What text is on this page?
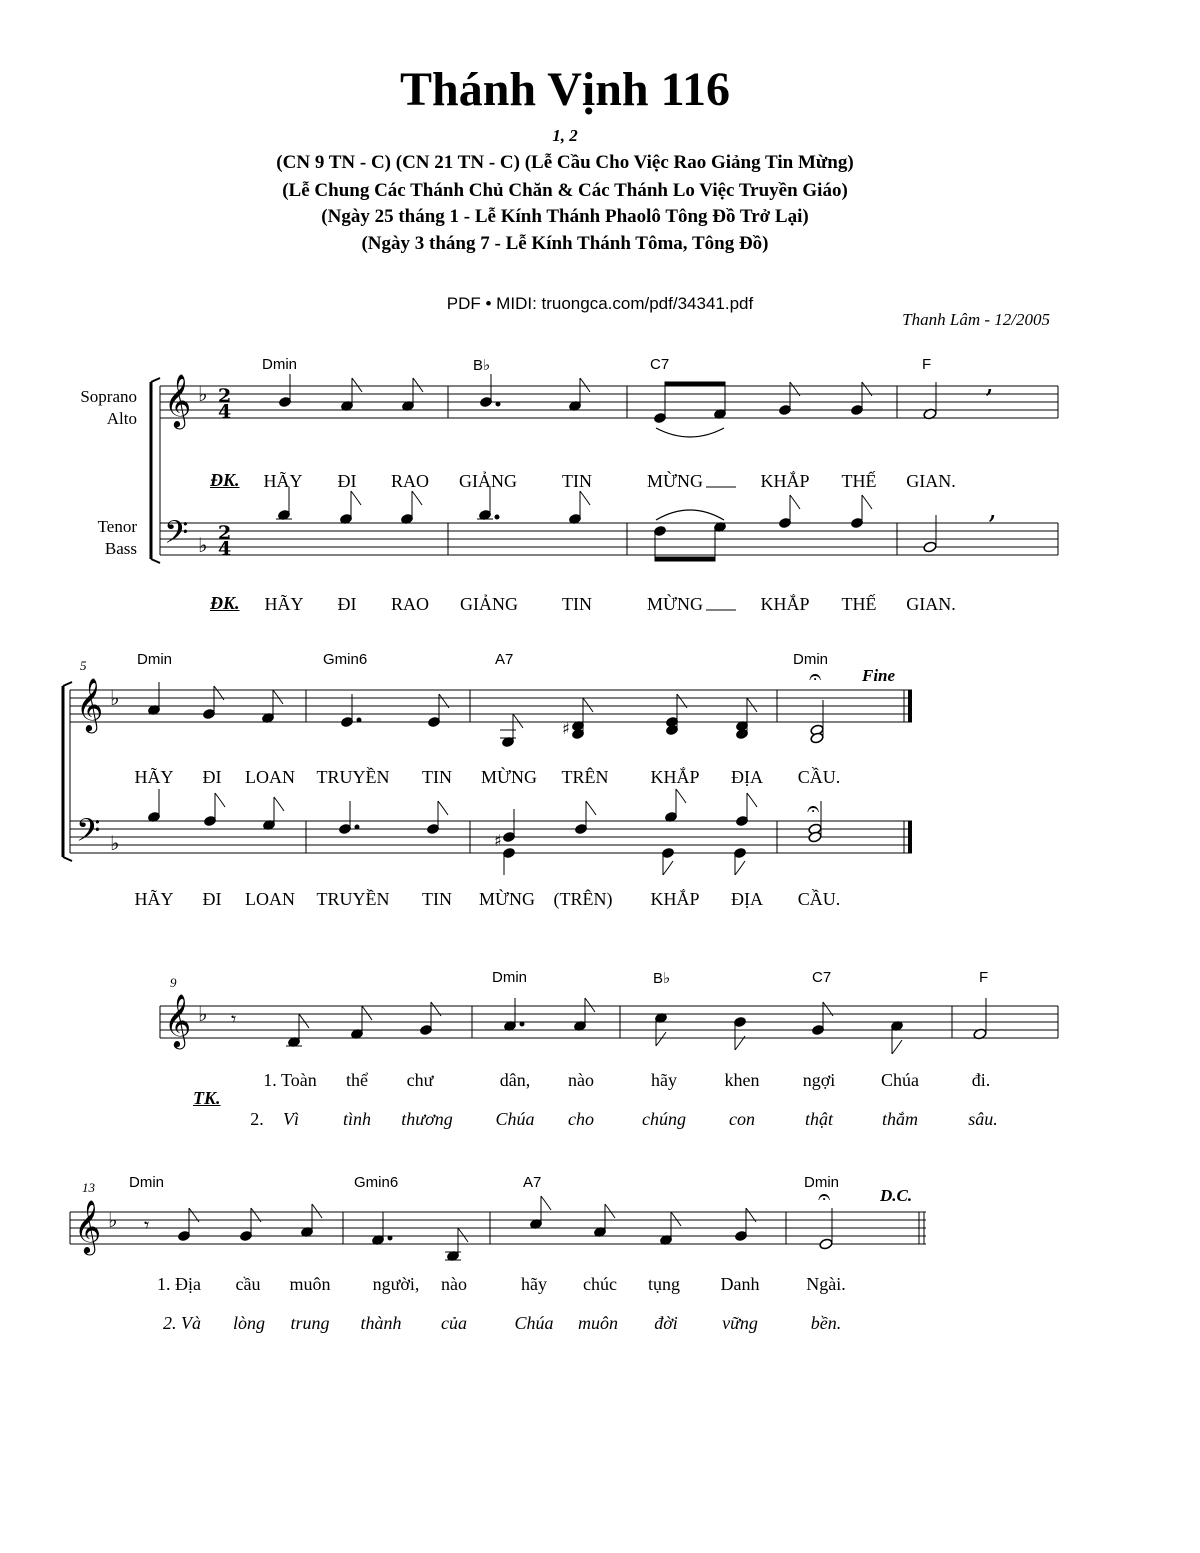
Thánh Vịnh 116
1, 2
(CN 9 TN - C) (CN 21 TN - C) (Lễ Cầu Cho Việc Rao Giảng Tin Mừng)
(Lễ Chung Các Thánh Chủ Chăn & Các Thánh Lo Việc Truyền Giáo)
(Ngày 25 tháng 1 - Lễ Kính Thánh Phaolô Tông Đồ Trở Lại)
(Ngày 3 tháng 7 - Lễ Kính Thánh Tôma, Tông Đồ)
PDF • MIDI: truongca.com/pdf/34341.pdf
Thanh Lâm - 12/2005
Soprano
Alto
Tenor
Bass
Dmin	B♭	C7	F
Dmin	Gmin6	A7	Dmin
Dmin	B♭	C7	F
Dmin	Gmin6	A7	Dmin
5
9
13
Fine
D.C.
ĐK.
ĐK.
TK.
HÃY ĐI RAO GIẢNG	TIN	MỪNG	KHẮP THẾ GIAN.
HÃY ĐI RAO GIẢNG TIN	MỪNG	KHẮP THẾ GIAN.
HÃY ĐI LOAN TRUYỀN TIN MỪNG TRÊN KHẮP ĐỊA CẦU.
HÃY ĐI LOAN TRUYỀN TIN MỪNG (TRÊN) KHẮP ĐỊA CẦU.
1. Toàn thể chư	dân, nào	hãy	khen ngợi	Chúa	đi.
2. Vì tình thương Chúa cho	chúng con	thật	thắm	sâu.
1. Địa cầu muôn người, nào	hãy chúc tụng Danh	Ngài.
2. Và lòng trung thành của	Chúa muôn đời vững	bền.
𝄞 ♭ 2
4
𝄢 ♭ 2
4
,
,
𝄞 ♭
𝄢 ♭
♯
𝄐
♯
𝄐
𝄞 ♭ 𝄾
𝄞 ♭ 𝄾
𝄐
